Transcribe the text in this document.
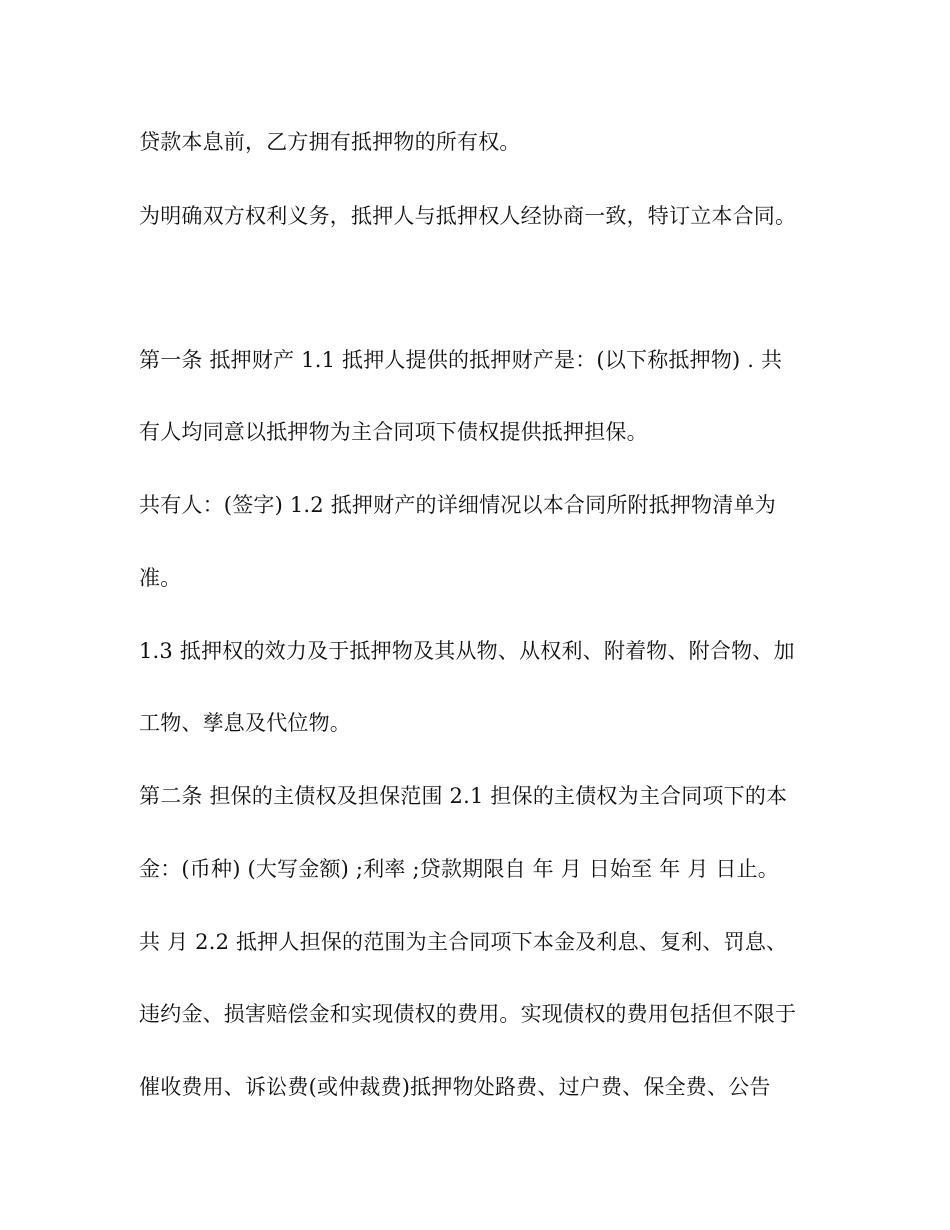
贷款本息前，乙方拥有抵押物的所有权。

为明确双方权利义务，抵押人与抵押权人经协商一致，特订立本合同。

第一条 抵押财产 1.1 抵押人提供的抵押财产是：(以下称抵押物) . 共

有人均同意以抵押物为主合同项下债权提供抵押担保。

共有人：(签字) 1.2 抵押财产的详细情况以本合同所附抵押物清单为

准。

1.3 抵押权的效力及于抵押物及其从物、从权利、附着物、附合物、加

工物、孳息及代位物。

第二条 担保的主债权及担保范围 2.1 担保的主债权为主合同项下的本

金：(币种) (大写金额) ;利率 ;贷款期限自 年 月 日始至 年 月 日止。

共 月 2.2 抵押人担保的范围为主合同项下本金及利息、复利、罚息、

违约金、损害赔偿金和实现债权的费用。实现债权的费用包括但不限于

催收费用、诉讼费(或仲裁费)抵押物处路费、过户费、保全费、公告
